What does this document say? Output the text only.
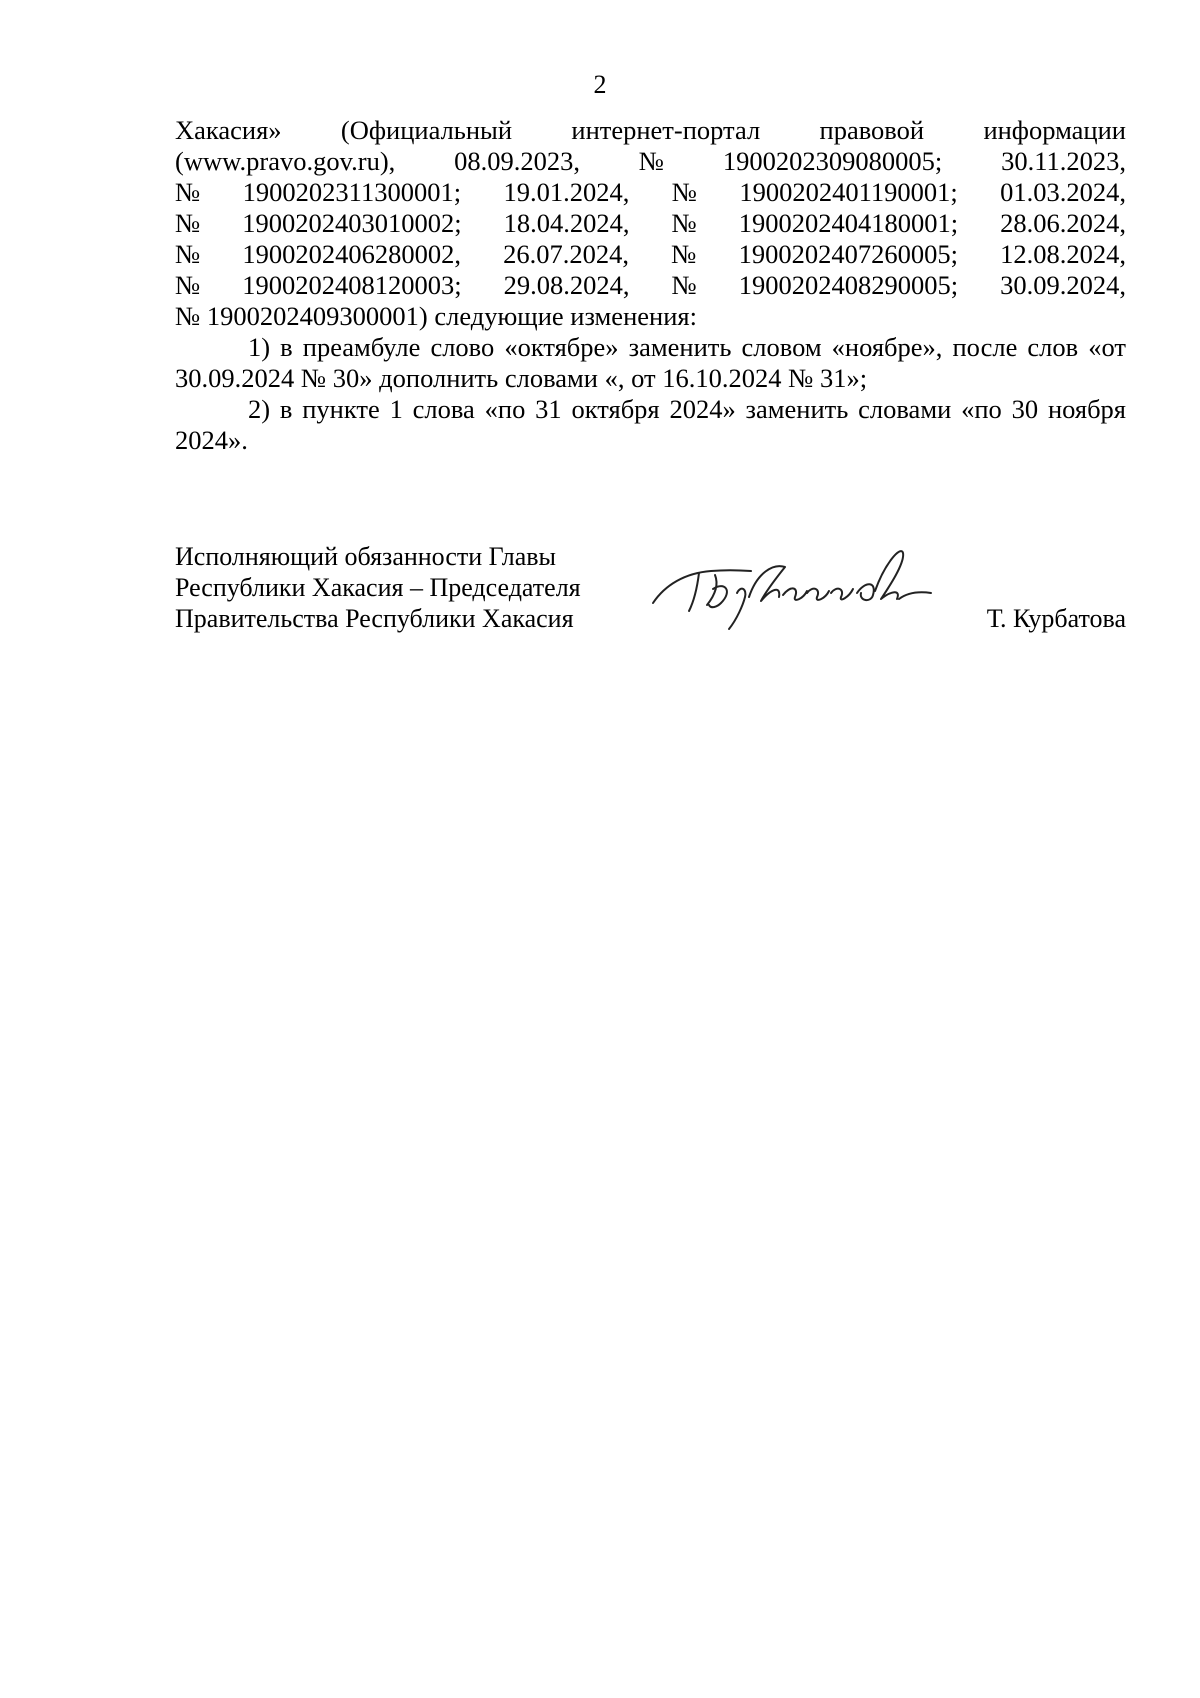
2
Хакасия» (Официальный интернет-портал правовой информации
(www.pravo.gov.ru), 08.09.2023, № 1900202309080005; 30.11.2023,
№ 1900202311300001; 19.01.2024, № 1900202401190001; 01.03.2024,
№ 1900202403010002; 18.04.2024, № 1900202404180001; 28.06.2024,
№ 1900202406280002, 26.07.2024, № 1900202407260005; 12.08.2024,
№ 1900202408120003; 29.08.2024, № 1900202408290005; 30.09.2024,
№ 1900202409300001) следующие изменения:
1) в преамбуле слово «октябре» заменить словом «ноябре», после слов «от 30.09.2024 № 30» дополнить словами «, от 16.10.2024 № 31»;
2) в пункте 1 слова «по 31 октября 2024» заменить словами «по 30 ноября 2024».
Исполняющий обязанности Главы
Республики Хакасия – Председателя
Правительства Республики Хакасия	Т. Курбатова
